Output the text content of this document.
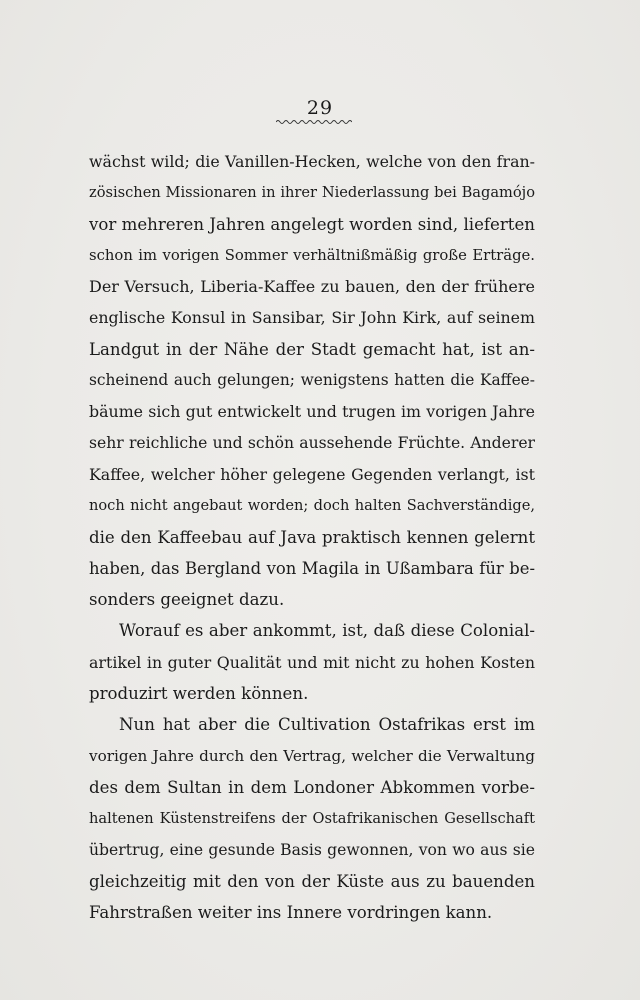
29
wächst wild; die Vanillen-Hecken, welche von den fran-
zösischen Missionaren in ihrer Niederlassung bei Bagamójo
vor mehreren Jahren angelegt worden sind, lieferten
schon im vorigen Sommer verhältnißmäßig große Erträge.
Der Versuch, Liberia-Kaffee zu bauen, den der frühere
englische Konsul in Sansibar, Sir John Kirk, auf seinem
Landgut in der Nähe der Stadt gemacht hat, ist an-
scheinend auch gelungen; wenigstens hatten die Kaffee-
bäume sich gut entwickelt und trugen im vorigen Jahre
sehr reichliche und schön aussehende Früchte. Anderer
Kaffee, welcher höher gelegene Gegenden verlangt, ist
noch nicht angebaut worden; doch halten Sachverständige,
die den Kaffeebau auf Java praktisch kennen gelernt
haben, das Bergland von Magila in Ußambara für be-
sonders geeignet dazu.
Worauf es aber ankommt, ist, daß diese Colonial-
artikel in guter Qualität und mit nicht zu hohen Kosten
produzirt werden können.
Nun hat aber die Cultivation Ostafrikas erst im
vorigen Jahre durch den Vertrag, welcher die Verwaltung
des dem Sultan in dem Londoner Abkommen vorbe-
haltenen Küstenstreifens der Ostafrikanischen Gesellschaft
übertrug, eine gesunde Basis gewonnen, von wo aus sie
gleichzeitig mit den von der Küste aus zu bauenden
Fahrstraßen weiter ins Innere vordringen kann.
